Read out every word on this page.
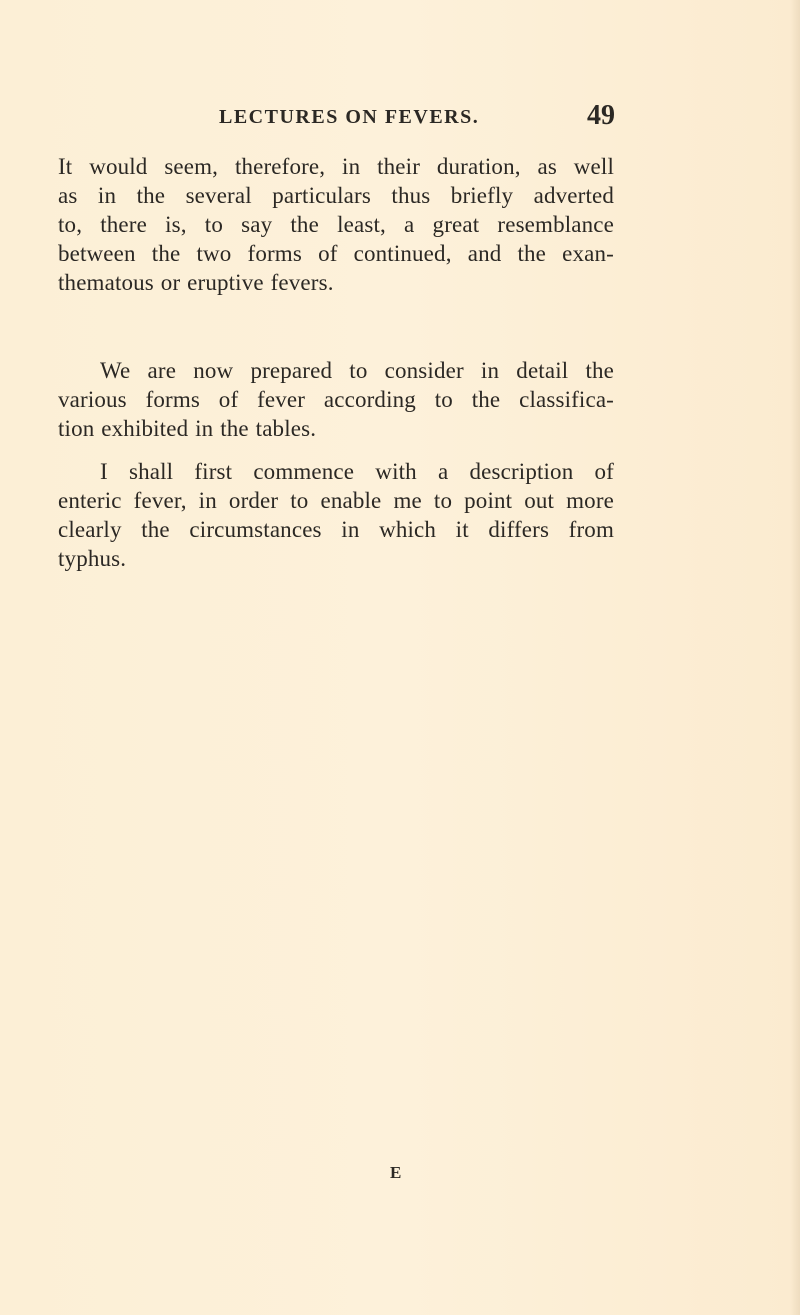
LECTURES ON FEVERS.	49
It would seem, therefore, in their duration, as well
as in the several particulars thus briefly adverted
to, there is, to say the least, a great resemblance
between the two forms of continued, and the exan-
thematous or eruptive fevers.
We are now prepared to consider in detail the
various forms of fever according to the classifica-
tion exhibited in the tables.
I shall first commence with a description of
enteric fever, in order to enable me to point out more
clearly the circumstances in which it differs from
typhus.
E
